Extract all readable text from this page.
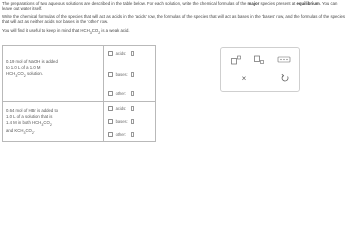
The preparations of two aqueous solutions are described in the table below. For each solution, write the chemical formulas of the major species present at equilibrium. You can leave out water itself.

Write the chemical formulas of the species that will act as acids in the 'acids' row, the formulas of the species that will act as bases in the 'bases' row, and the formulas of the species that will act as neither acids nor bases in the 'other' row.

You will find it useful to keep in mind that $HCH_3CO_2$ is a weak acid.

0.19 mol of NaOH is added
to 1.0 L of a 1.0 M
$HCH_3CO_2$ solution.
acids:
bases:
other:
0.64 mol of HBr is added to
1.0 L of a solution that is
1.4 M in both $HCH_3CO_2$
and $KCH_3CO_2$.
acids:
bases:
other:
×
